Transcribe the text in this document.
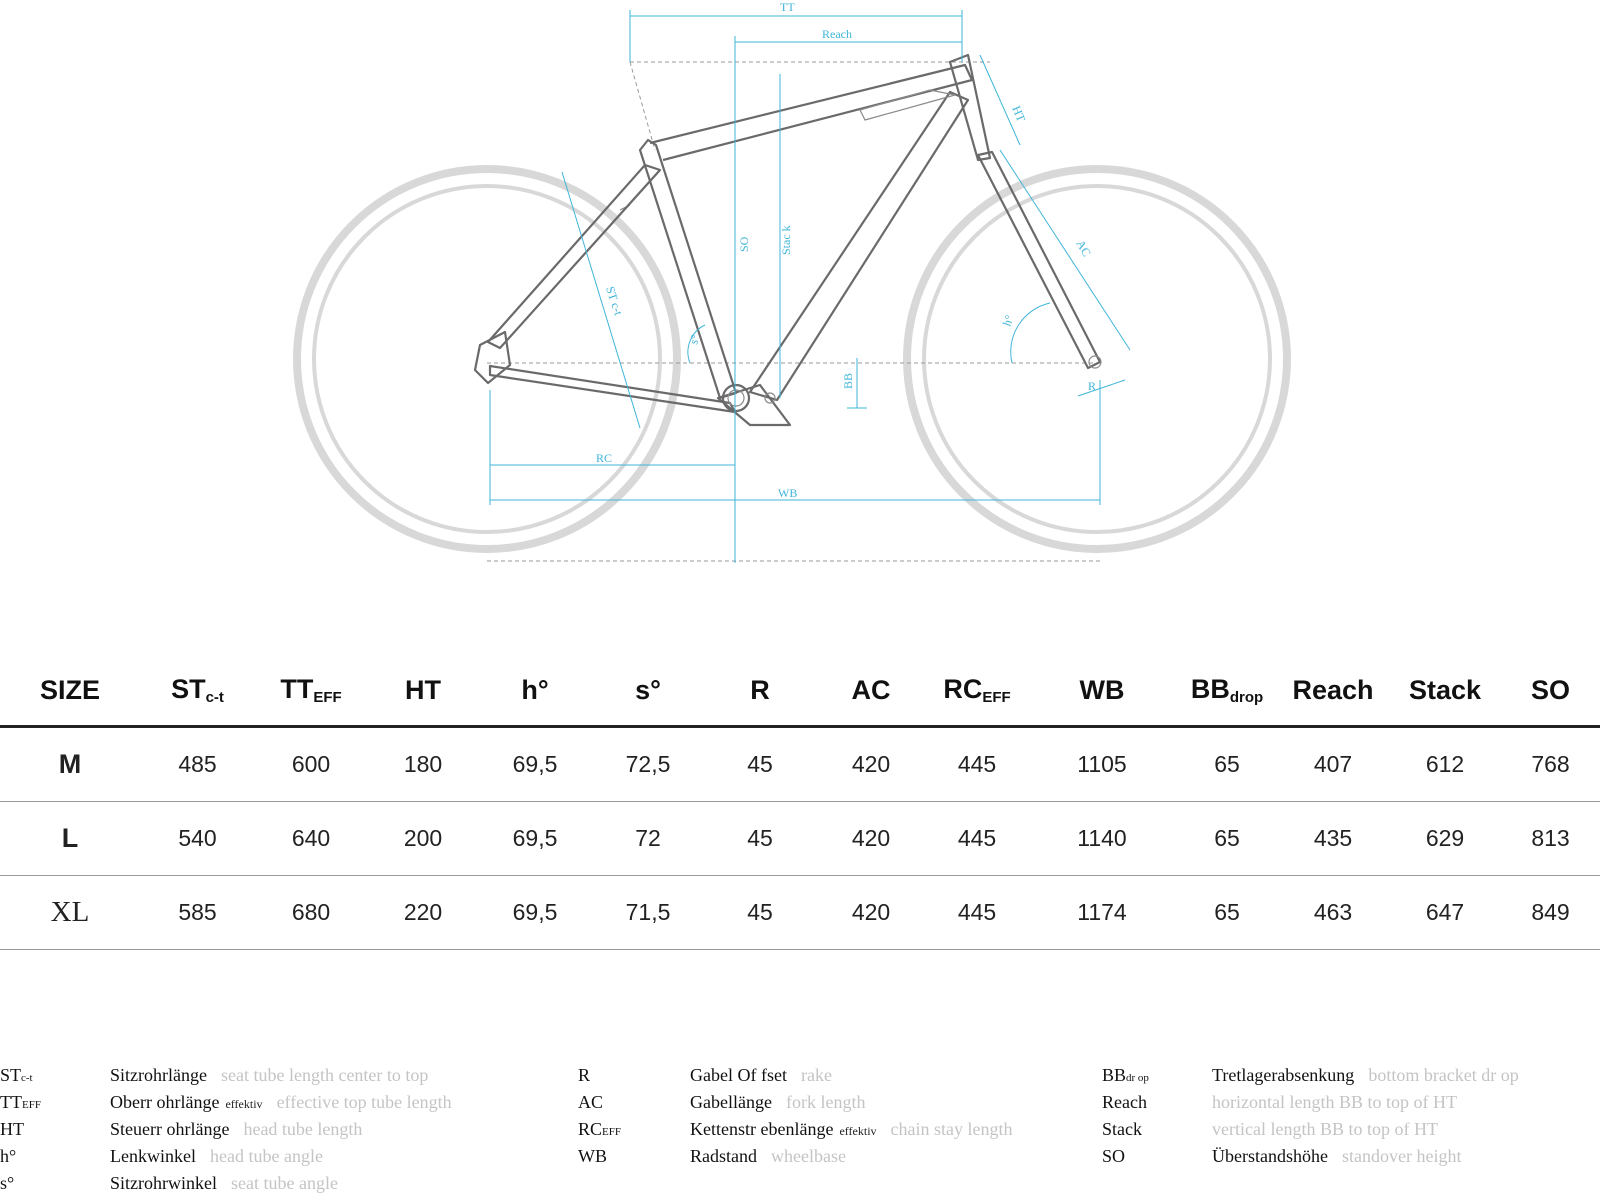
TT
Reach
HT
SO Stac k
ST c-t
AC
h°
s°
BB	R
RC
WB
SIZE	$ST_{c-t}$	$TT_{EFF}$	HT	h°	s°	R	AC	$RC_{EFF}$	WB	$BB_{drop}$	Reach	Stack	SO
M	485	600	180	69,5	72,5	45	420	445	1105	65	407	612	768
L	540	640	200	69,5	72	45	420	445	1140	65	435	629	813
XL	585	680	220	69,5	71,5	45	420	445	1174	65	463	647	849
STc-t	Sitzrohrlänge seat tube length center to top
TTEFF	Oberr ohrlänge effektiv effective top tube length
HT	Steuerr ohrlänge head tube length
h°	Lenkwinkel head tube angle
s°	Sitzrohrwinkel seat tube angle
R	Gabel Of fset rake
AC	Gabellänge fork length
RCEFF	Kettenstr ebenlänge effektiv chain stay length
WB	Radstand wheelbase
BBdr op	Tretlagerabsenkung bottom bracket dr op
Reach	horizontal length BB to top of HT
Stack	vertical length BB to top of HT
SO	Überstandshöhe standover height
